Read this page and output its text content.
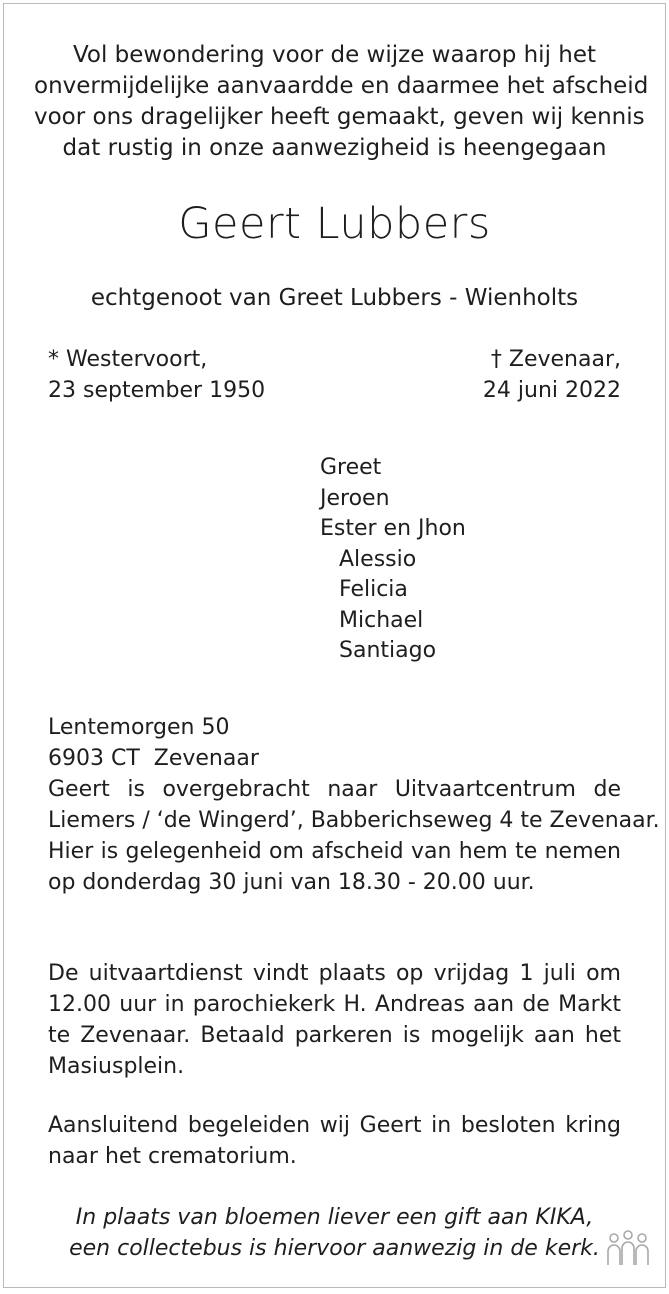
Vol bewondering voor de wijze waarop hij het
onvermijdelijke aanvaardde en daarmee het afscheid
voor ons dragelijker heeft gemaakt, geven wij kennis
dat rustig in onze aanwezigheid is heengegaan
Geert Lubbers
echtgenoot van Greet Lubbers - Wienholts
* Westervoort,
23 september 1950
† Zevenaar,
24 juni 2022
Greet
Jeroen
Ester en Jhon
Alessio
Felicia
Michael
Santiago
Lentemorgen 50
6903 CT  Zevenaar
Geert is overgebracht naar Uitvaartcentrum de
Liemers / ‘de Wingerd’, Babberichseweg 4 te Zevenaar.
Hier is gelegenheid om afscheid van hem te nemen
op donderdag 30 juni van 18.30 - 20.00 uur.
De uitvaartdienst vindt plaats op vrijdag 1 juli om
12.00 uur in parochiekerk H. Andreas aan de Markt
te Zevenaar. Betaald parkeren is mogelijk aan het
Masiusplein.
Aansluitend begeleiden wij Geert in besloten kring
naar het crematorium.
In plaats van bloemen liever een gift aan KIKA,
een collectebus is hiervoor aanwezig in de kerk.
